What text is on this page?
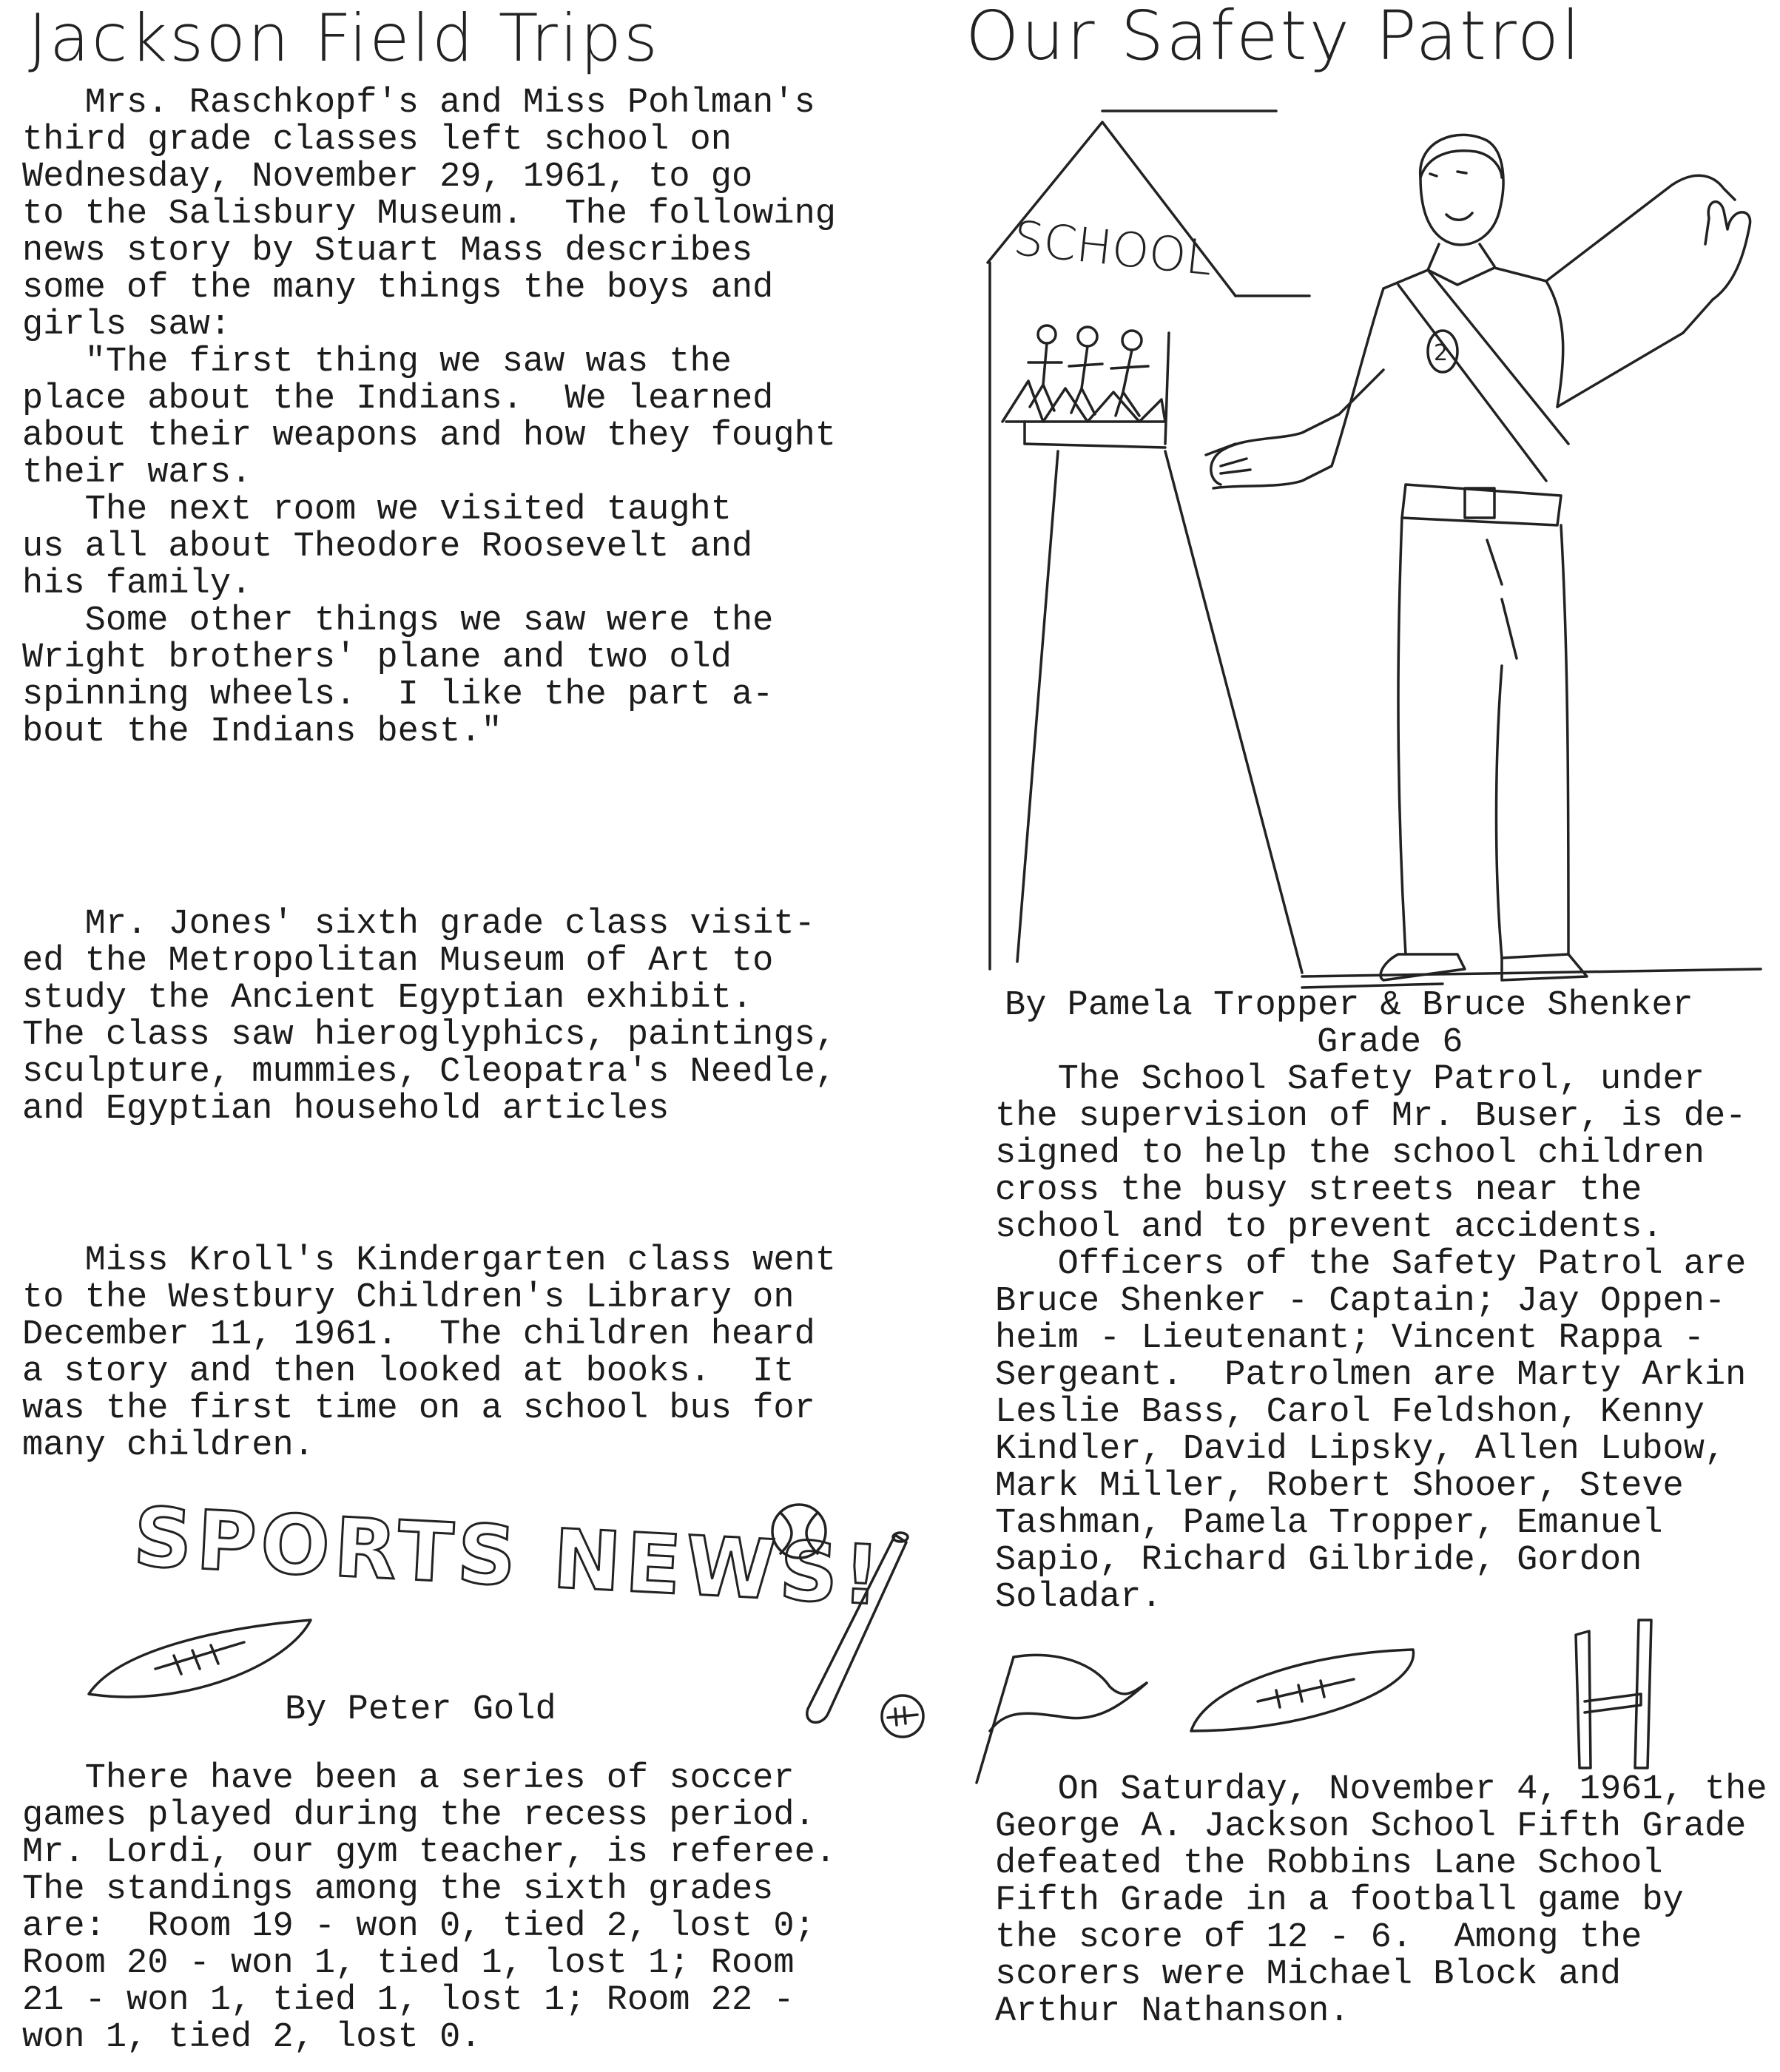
Jackson Field Trips
Mrs. Raschkopf's and Miss Pohlman's
third grade classes left school on
Wednesday, November 29, 1961, to go
to the Salisbury Museum.  The following
news story by Stuart Mass describes
some of the many things the boys and
girls saw:
"The first thing we saw was the
place about the Indians.  We learned
about their weapons and how they fought
their wars.
The next room we visited taught
us all about Theodore Roosevelt and
his family.
Some other things we saw were the
Wright brothers' plane and two old
spinning wheels.  I like the part a-
bout the Indians best."
Mr. Jones' sixth grade class visit-
ed the Metropolitan Museum of Art to
study the Ancient Egyptian exhibit.
The class saw hieroglyphics, paintings,
sculpture, mummies, Cleopatra's Needle,
and Egyptian household articles
Miss Kroll's Kindergarten class went
to the Westbury Children's Library on
December 11, 1961.  The children heard
a story and then looked at books.  It
was the first time on a school bus for
many children.
SPORTS NEWS!
By Peter Gold
There have been a series of soccer
games played during the recess period.
Mr. Lordi, our gym teacher, is referee.
The standings among the sixth grades
are:  Room 19 - won 0, tied 2, lost 0;
Room 20 - won 1, tied 1, lost 1; Room
21 - won 1, tied 1, lost 1; Room 22 -
won 1, tied 2, lost 0.
Our Safety Patrol
SCHOOL
2
By Pamela Tropper & Bruce Shenker
Grade 6
The School Safety Patrol, under
the supervision of Mr. Buser, is de-
signed to help the school children
cross the busy streets near the
school and to prevent accidents.
Officers of the Safety Patrol are
Bruce Shenker - Captain; Jay Oppen-
heim - Lieutenant; Vincent Rappa -
Sergeant.  Patrolmen are Marty Arkin
Leslie Bass, Carol Feldshon, Kenny
Kindler, David Lipsky, Allen Lubow,
Mark Miller, Robert Shooer, Steve
Tashman, Pamela Tropper, Emanuel
Sapio, Richard Gilbride, Gordon
Soladar.
On Saturday, November 4, 1961, the
George A. Jackson School Fifth Grade
defeated the Robbins Lane School
Fifth Grade in a football game by
the score of 12 - 6.  Among the
scorers were Michael Block and
Arthur Nathanson.
